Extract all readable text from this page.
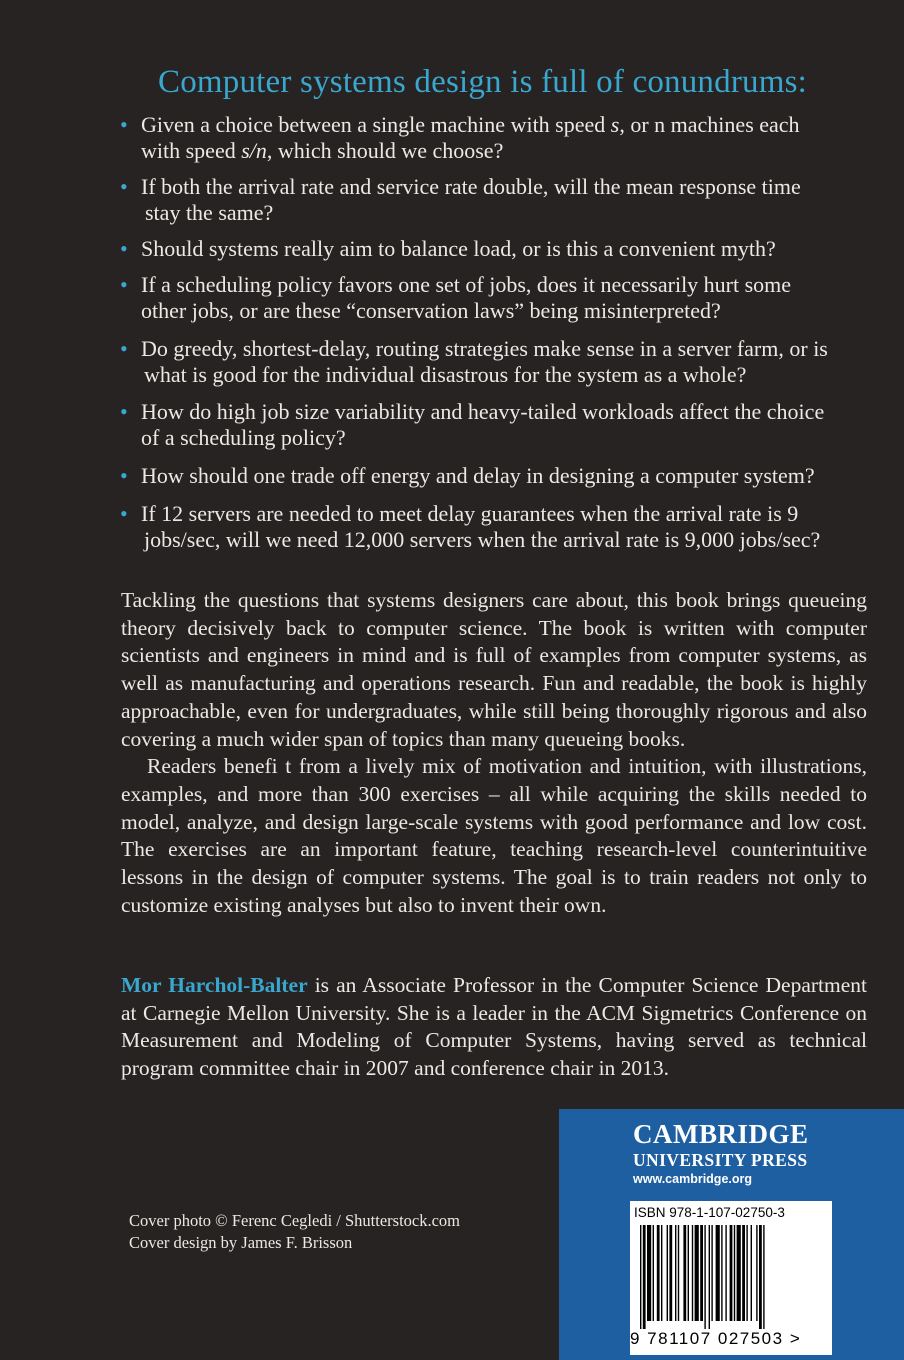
Computer systems design is full of conundrums:
• Given a choice between a single machine with speed s, or n machines each
with speed s/n, which should we choose?
• If both the arrival rate and service rate double, will the mean response time
stay the same?
• Should systems really aim to balance load, or is this a convenient myth?
• If a scheduling policy favors one set of jobs, does it necessarily hurt some
other jobs, or are these “conservation laws” being misinterpreted?
• Do greedy, shortest-delay, routing strategies make sense in a server farm, or is
what is good for the individual disastrous for the system as a whole?
• How do high job size variability and heavy-tailed workloads affect the choice
of a scheduling policy?
• How should one trade off energy and delay in designing a computer system?
• If 12 servers are needed to meet delay guarantees when the arrival rate is 9
jobs/sec, will we need 12,000 servers when the arrival rate is 9,000 jobs/sec?

Tackling the questions that systems designers care about, this book brings queueing theory decisively back to computer science. The book is written with computer scientists and engineers in mind and is full of examples from computer systems, as well as manufacturing and operations research. Fun and readable, the book is highly approachable, even for undergraduates, while still being thoroughly rigorous and also covering a much wider span of topics than many queueing books.

Readers benefi t from a lively mix of motivation and intuition, with illustrations, examples, and more than 300 exercises – all while acquiring the skills needed to model, analyze, and design large-scale systems with good performance and low cost. The exercises are an important feature, teaching research-level counterintuitive lessons in the design of computer systems. The goal is to train readers not only to customize existing analyses but also to invent their own.

Mor Harchol-Balter is an Associate Professor in the Computer Science Department at Carnegie Mellon University. She is a leader in the ACM Sigmetrics Conference on Measurement and Modeling of Computer Systems, having served as technical program committee chair in 2007 and conference chair in 2013.
Cover photo © Ferenc Cegledi / Shutterstock.com
Cover design by James F. Brisson
CAMBRIDGE
UNIVERSITY PRESS
www.cambridge.org
ISBN 978-1-107-02750-3
9 781107 027503 >
